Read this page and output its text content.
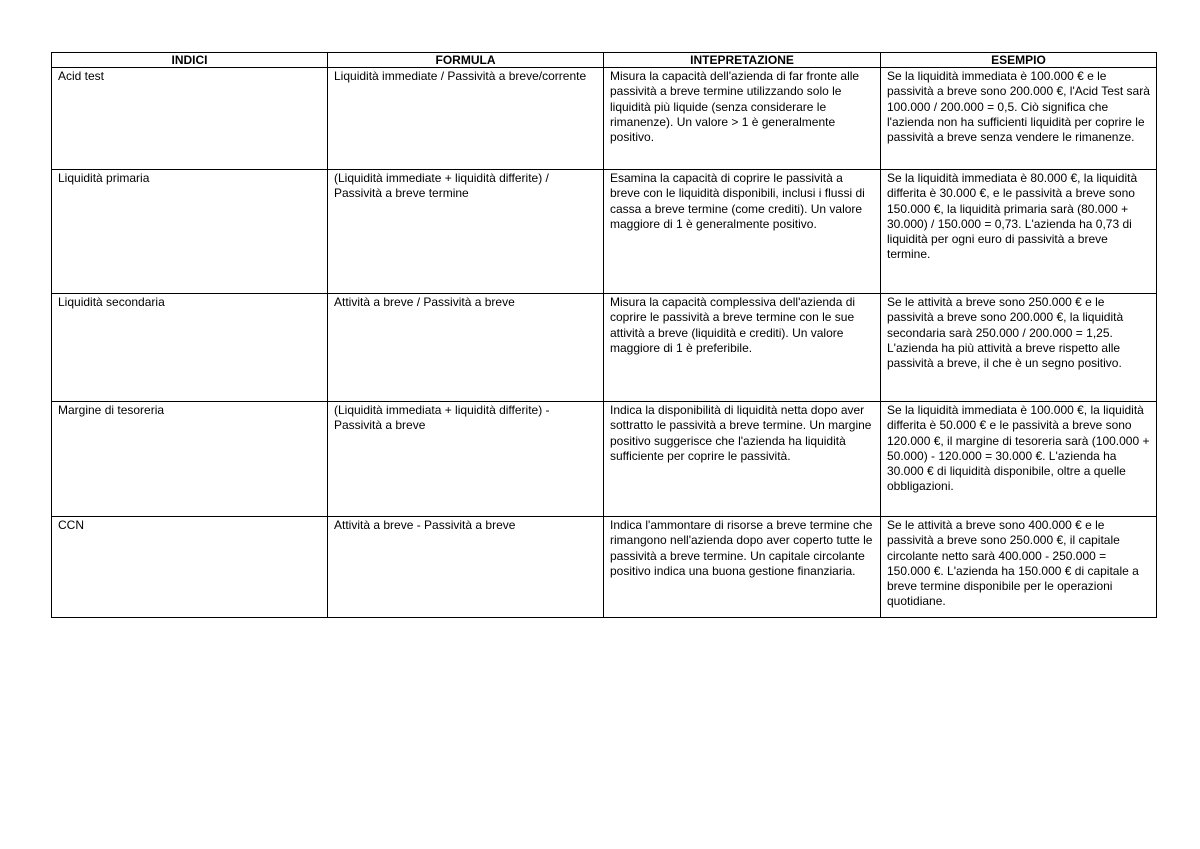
INDICI	FORMULA	INTEPRETAZIONE	ESEMPIO
Acid test	Liquidità immediate / Passività a breve/corrente	Misura la capacità dell'azienda di far fronte alle passività a breve termine utilizzando solo le liquidità più liquide (senza considerare le rimanenze). Un valore > 1 è generalmente positivo.	Se la liquidità immediata è 100.000 € e le passività a breve sono 200.000 €, l'Acid Test sarà 100.000 / 200.000 = 0,5. Ciò significa che l'azienda non ha sufficienti liquidità per coprire le passività a breve senza vendere le rimanenze.
Liquidità primaria	(Liquidità immediate + liquidità differite) / Passività a breve termine	Esamina la capacità di coprire le passività a breve con le liquidità disponibili, inclusi i flussi di cassa a breve termine (come crediti). Un valore maggiore di 1 è generalmente positivo.	Se la liquidità immediata è 80.000 €, la liquidità differita è 30.000 €, e le passività a breve sono 150.000 €, la liquidità primaria sarà (80.000 + 30.000) / 150.000 = 0,73. L'azienda ha 0,73 di liquidità per ogni euro di passività a breve termine.
Liquidità secondaria	Attività a breve / Passività a breve	Misura la capacità complessiva dell'azienda di coprire le passività a breve termine con le sue attività a breve (liquidità e crediti). Un valore maggiore di 1 è preferibile.	Se le attività a breve sono 250.000 € e le passività a breve sono 200.000 €, la liquidità secondaria sarà 250.000 / 200.000 = 1,25. L'azienda ha più attività a breve rispetto alle passività a breve, il che è un segno positivo.
Margine di tesoreria	(Liquidità immediata + liquidità differite) - Passività a breve	Indica la disponibilità di liquidità netta dopo aver sottratto le passività a breve termine. Un margine positivo suggerisce che l'azienda ha liquidità sufficiente per coprire le passività.	Se la liquidità immediata è 100.000 €, la liquidità differita è 50.000 € e le passività a breve sono 120.000 €, il margine di tesoreria sarà (100.000 + 50.000) - 120.000 = 30.000 €. L'azienda ha 30.000 € di liquidità disponibile, oltre a quelle obbligazioni.
CCN	Attività a breve - Passività a breve	Indica l'ammontare di risorse a breve termine che rimangono nell'azienda dopo aver coperto tutte le passività a breve termine. Un capitale circolante positivo indica una buona gestione finanziaria.	Se le attività a breve sono 400.000 € e le passività a breve sono 250.000 €, il capitale circolante netto sarà 400.000 - 250.000 = 150.000 €. L'azienda ha 150.000 € di capitale a breve termine disponibile per le operazioni quotidiane.
